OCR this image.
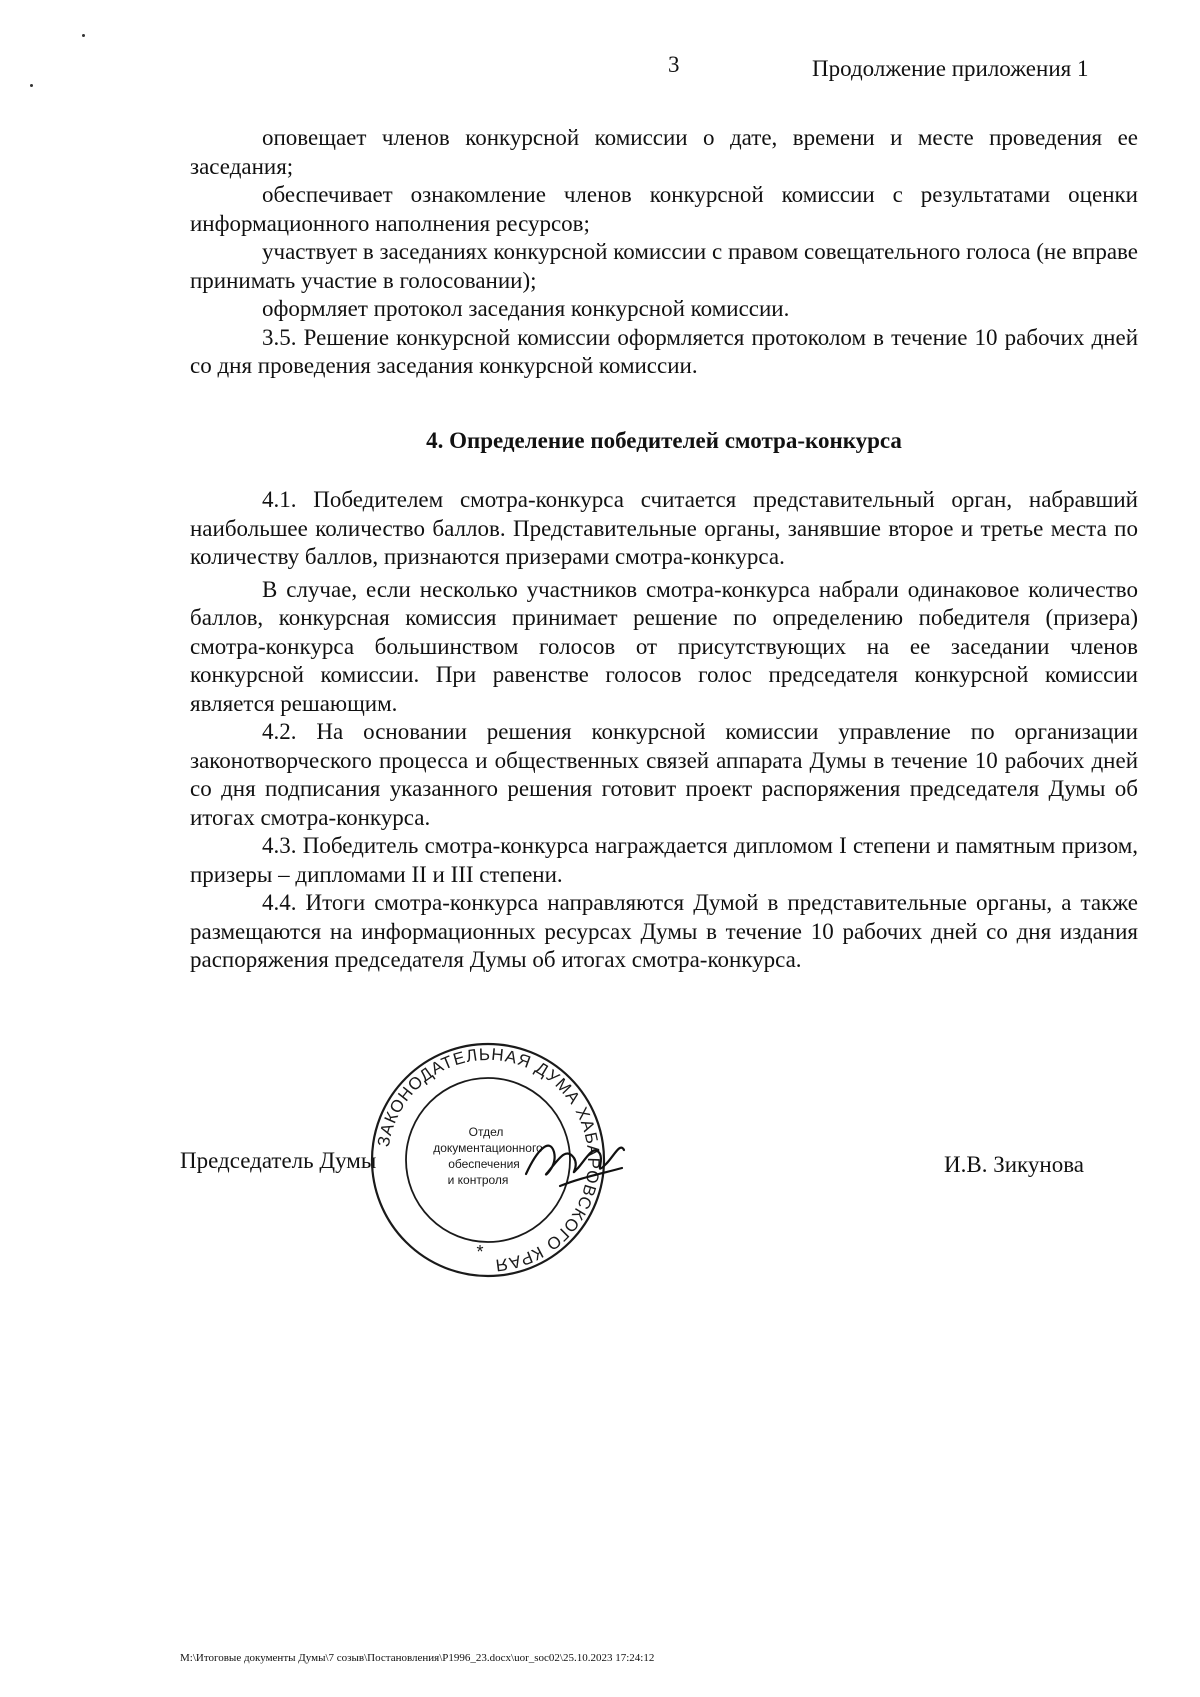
3	Продолжение приложения 1

оповещает членов конкурсной комиссии о дате, времени и месте проведения ее заседания;

обеспечивает ознакомление членов конкурсной комиссии с результатами оценки информационного наполнения ресурсов;

участвует в заседаниях конкурсной комиссии с правом совещательного голоса (не вправе принимать участие в голосовании);

оформляет протокол заседания конкурсной комиссии.

3.5. Решение конкурсной комиссии оформляется протоколом в течение 10 рабочих дней со дня проведения заседания конкурсной комиссии.

4. Определение победителей смотра-конкурса

4.1. Победителем смотра-конкурса считается представительный орган, набравший наибольшее количество баллов. Представительные органы, занявшие второе и третье места по количеству баллов, признаются призерами смотра-конкурса.

В случае, если несколько участников смотра-конкурса набрали одинаковое количество баллов, конкурсная комиссия принимает решение по определению победителя (призера) смотра-конкурса большинством голосов от присутствующих на ее заседании членов конкурсной комиссии. При равенстве голосов голос председателя конкурсной комиссии является решающим.

4.2. На основании решения конкурсной комиссии управление по организации законотворческого процесса и общественных связей аппарата Думы в течение 10 рабочих дней со дня подписания указанного решения готовит проект распоряжения председателя Думы об итогах смотра-конкурса.

4.3. Победитель смотра-конкурса награждается дипломом I степени и памятным призом, призеры – дипломами II и III степени.

4.4. Итоги смотра-конкурса направляются Думой в представительные органы, а также размещаются на информационных ресурсах Думы в течение 10 рабочих дней со дня издания распоряжения председателя Думы об итогах смотра-конкурса.

Председатель Думы	И.В. Зикунова
ЗАКОНОДАТЕЛЬНАЯ ДУМА ХАБАРОВСКОГО КРАЯ
Отдел
документационного
обеспечения
и контроля
*
M:\Итоговые документы Думы\7 созыв\Постановления\P1996_23.docx\uor_soc02\25.10.2023 17:24:12
